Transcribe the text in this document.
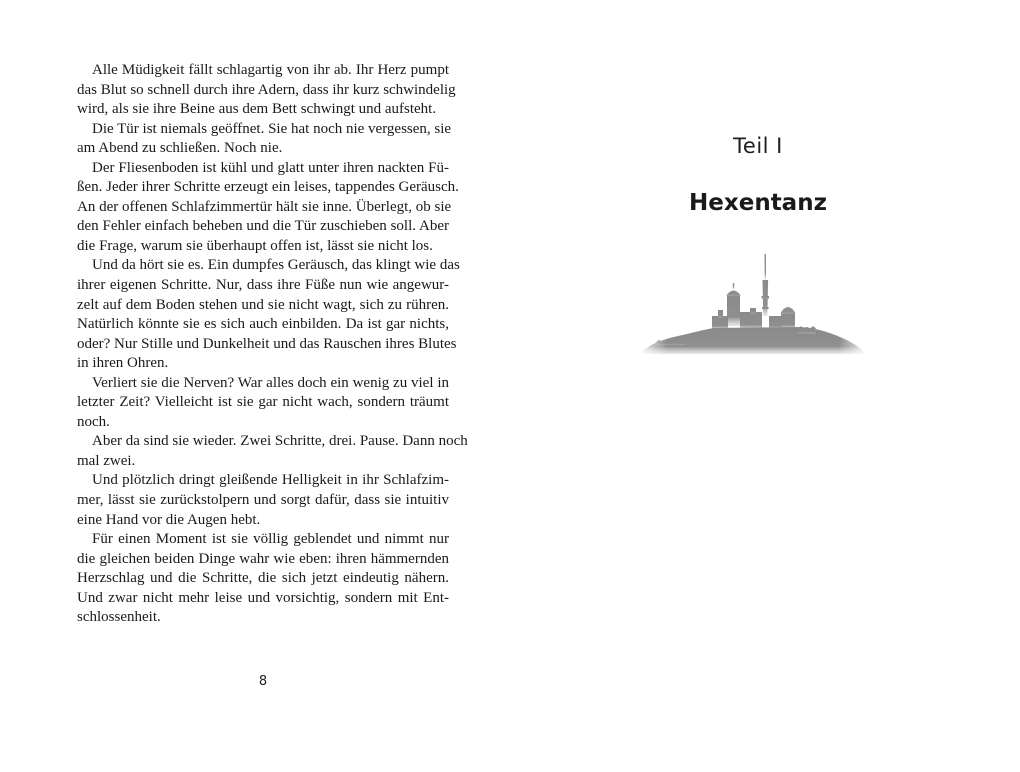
Alle Müdigkeit fällt schlagartig von ihr ab. Ihr Herz pumpt
das Blut so schnell durch ihre Adern, dass ihr kurz schwindelig
wird, als sie ihre Beine aus dem Bett schwingt und aufsteht.

Die Tür ist niemals geöffnet. Sie hat noch nie vergessen, sie
am Abend zu schließen. Noch nie.

Der Fliesenboden ist kühl und glatt unter ihren nackten Fü-
ßen. Jeder ihrer Schritte erzeugt ein leises, tappendes Geräusch.
An der offenen Schlafzimmertür hält sie inne. Überlegt, ob sie
den Fehler einfach beheben und die Tür zuschieben soll. Aber
die Frage, warum sie überhaupt offen ist, lässt sie nicht los.

Und da hört sie es. Ein dumpfes Geräusch, das klingt wie das
ihrer eigenen Schritte. Nur, dass ihre Füße nun wie angewur-
zelt auf dem Boden stehen und sie nicht wagt, sich zu rühren.
Natürlich könnte sie es sich auch einbilden. Da ist gar nichts,
oder? Nur Stille und Dunkelheit und das Rauschen ihres Blutes
in ihren Ohren.

Verliert sie die Nerven? War alles doch ein wenig zu viel in
letzter Zeit? Vielleicht ist sie gar nicht wach, sondern träumt
noch.

Aber da sind sie wieder. Zwei Schritte, drei. Pause. Dann noch
mal zwei.

Und plötzlich dringt gleißende Helligkeit in ihr Schlafzim-
mer, lässt sie zurückstolpern und sorgt dafür, dass sie intuitiv
eine Hand vor die Augen hebt.

Für einen Moment ist sie völlig geblendet und nimmt nur
die gleichen beiden Dinge wahr wie eben: ihren hämmernden
Herzschlag und die Schritte, die sich jetzt eindeutig nähern.
Und zwar nicht mehr leise und vorsichtig, sondern mit Ent-
schlossenheit.

8
Teil I
Hexentanz
